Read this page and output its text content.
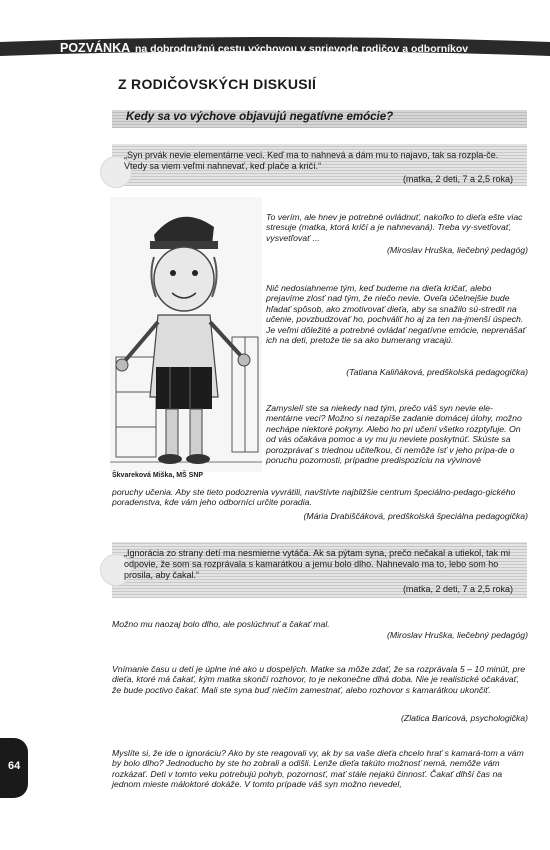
POZVÁNKA na dobrodružnú cestu výchovou v sprievode rodičov a odborníkov
Z RODIČOVSKÝCH DISKUSIÍ
Kedy sa vo výchove objavujú negatívne emócie?
„Syn prvák nevie elementárne veci. Keď ma to nahnevá a dám mu to najavo, tak sa rozpla-če. Vtedy sa viem veľmi nahnevať, keď plače a kričí.“
(matka, 2 deti, 7 a 2,5 roka)
Škvareková Miška, MŠ SNP
To verím, ale hnev je potrebné ovládnuť, nakoľko to dieťa ešte viac stresuje (matka, ktorá kričí a je nahnevaná). Treba vy-svetľovať, vysvetľovať ...
(Miroslav Hruška, liečebný pedagóg)
Nič nedosiahneme tým, keď budeme na dieťa kričať, alebo prejavíme zlosť nad tým, že niečo nevie. Oveľa účelnejšie bude hľadať spôsob, ako zmotivovať dieťa, aby sa snažilo sú-stredit na učenie, povzbudzovať ho, pochváliť ho aj za ten na-jmenší úspech. Je veľmi dôležité a potrebné ovládať negatívne emócie, neprenášať ich na deti, pretože tie sa ako bumerang vracajú.
(Tatiana Kaliňáková, predškolská pedagogička)
Zamyslelí ste sa niekedy nad tým, prečo váš syn nevie ele-mentárne veci? Možno si nezapíše zadanie domácej úlohy, možno nechápe niektoré pokyny. Alebo ho pri učení všetko rozptyľuje. On od vás očakáva pomoc a vy mu ju neviete poskytnúť. Skúste sa porozprávať s triednou učiteľkou, či nemôže ísť v jeho prípa-de o poruchu pozornosti, prípadne predispozíciu na vývinové
poruchy učenia. Aby ste tieto podozrenia vyvrátili, navštívte najbližšie centrum špeciálno-pedago-gického poradenstva, kde vám jeho odborníci určite poradia.
(Mária Drabiščáková, predškolská špeciálna pedagogička)
„Ignorácia zo strany detí ma nesmierne vytáča. Ak sa pýtam syna, prečo nečakal a utiekol, tak mi odpovie, že som sa rozprávala s kamarátkou a jemu bolo dlho. Nahnevalo ma to, lebo som ho prosila, aby čakal.“
(matka, 2 deti, 7 a 2,5 roka)
Možno mu naozaj bolo dlho, ale poslúchnuť a čakať mal.
(Miroslav Hruška, liečebný pedagóg)
Vnímanie času u detí je úplne iné ako u dospelých. Matke sa môže zdať, že sa rozprávala 5 – 10 minút, pre dieťa, ktoré má čakať, kým matka skončí rozhovor, to je nekonečne dlhá doba. Nie je realistické očakávať, že bude poctivo čakať. Mali ste syna buď niečím zamestnať, alebo rozhovor s kamarátkou ukončiť.
(Zlatica Baricová, psychologička)
Myslíte si, že ide o ignoráciu? Ako by ste reagovali vy, ak by sa vaše dieťa chcelo hrať s kamará-tom a vám by bolo dlho? Jednoducho by ste ho zobrali a odišli. Lenže dieťa takúto možnosť nemá, nemôže vám rozkázať. Deti v tomto veku potrebujú pohyb, pozornosť, mať stále nejakú činnosť. Čakať dlhší čas na jednom mieste máloktoré dokáže. V tomto prípade váš syn možno nevedel,
64
